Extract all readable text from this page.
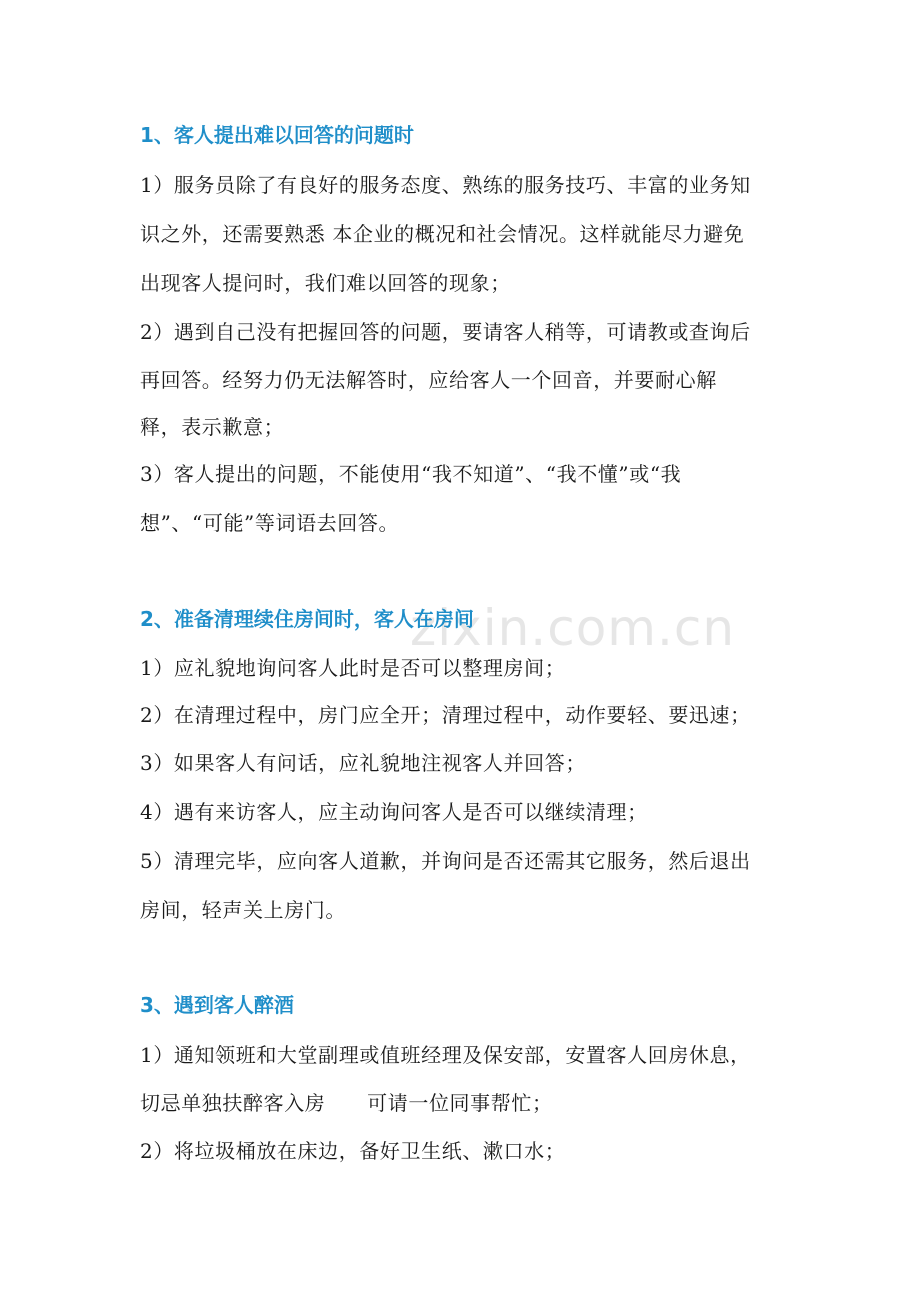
zixin.com.cn
1、客人提出难以回答的问题时
1）服务员除了有良好的服务态度、熟练的服务技巧、丰富的业务知
识之外，还需要熟悉 本企业的概况和社会情况。这样就能尽力避免
出现客人提问时，我们难以回答的现象；
2）遇到自己没有把握回答的问题，要请客人稍等，可请教或查询后
再回答。经努力仍无法解答时，应给客人一个回音，并要耐心解
释，表示歉意；
3）客人提出的问题，不能使用“我不知道”、“我不懂”或“我
想”、“可能”等词语去回答。
2、准备清理续住房间时，客人在房间
1）应礼貌地询问客人此时是否可以整理房间；
2）在清理过程中，房门应全开；清理过程中，动作要轻、要迅速；
3）如果客人有问话，应礼貌地注视客人并回答；
4）遇有来访客人，应主动询问客人是否可以继续清理；
5）清理完毕，应向客人道歉，并询问是否还需其它服务，然后退出
房间，轻声关上房门。
3、遇到客人醉酒
1）通知领班和大堂副理或值班经理及保安部，安置客人回房休息，
切忌单独扶醉客入房      可请一位同事帮忙；
2）将垃圾桶放在床边，备好卫生纸、漱口水；
